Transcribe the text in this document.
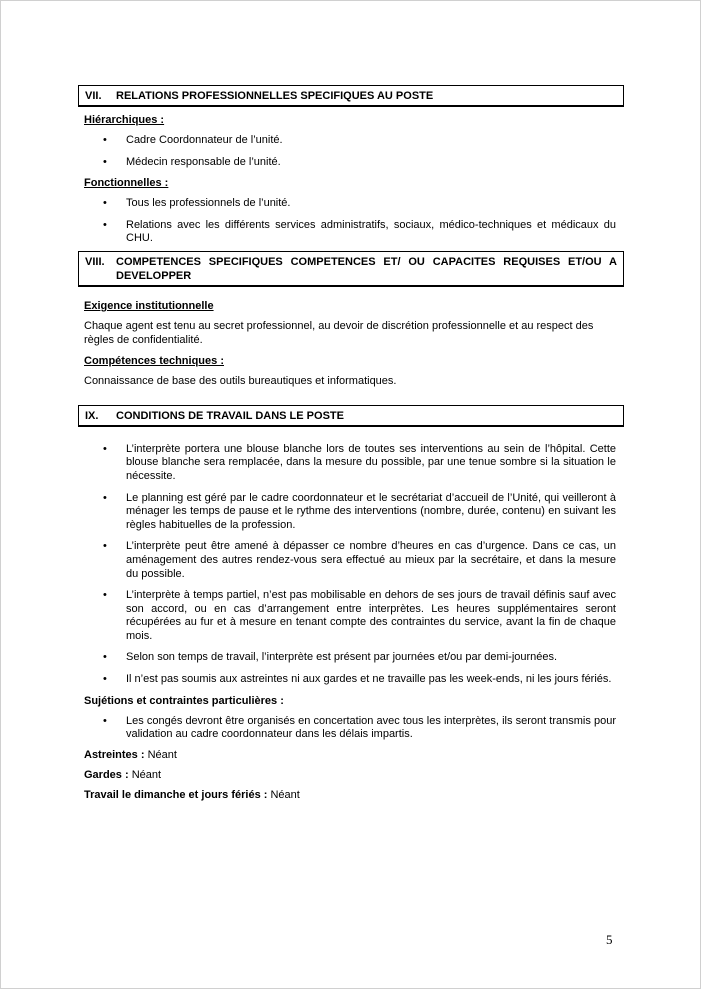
VII.	RELATIONS PROFESSIONNELLES SPECIFIQUES AU POSTE
Hiérarchiques :
• Cadre Coordonnateur de l’unité.
• Médecin responsable de l’unité.
Fonctionnelles :
• Tous les professionnels de l’unité.
• Relations avec les différents services administratifs, sociaux, médico-techniques et médicaux du CHU.
VIII.	COMPETENCES SPECIFIQUES COMPETENCES ET/ OU CAPACITES REQUISES ET/OU A DEVELOPPER
Exigence institutionnelle
Chaque agent est tenu au secret professionnel, au devoir de discrétion professionnelle et au respect des règles de confidentialité.
Compétences techniques :
Connaissance de base des outils bureautiques et informatiques.
IX.	CONDITIONS DE TRAVAIL DANS LE POSTE
• L’interprète portera une blouse blanche lors de toutes ses interventions au sein de l’hôpital. Cette blouse blanche sera remplacée, dans la mesure du possible, par une tenue sombre si la situation le nécessite.
• Le planning est géré par le cadre coordonnateur et le secrétariat d’accueil de l’Unité, qui veilleront à ménager les temps de pause et le rythme des interventions (nombre, durée, contenu) en suivant les règles habituelles de la profession.
• L’interprète peut être amené à dépasser ce nombre d’heures en cas d’urgence. Dans ce cas, un aménagement des autres rendez-vous sera effectué au mieux par la secrétaire, et dans la mesure du possible.
• L’interprète à temps partiel, n’est pas mobilisable en dehors de ses jours de travail définis sauf avec son accord, ou en cas d’arrangement entre interprètes. Les heures supplémentaires seront récupérées au fur et à mesure en tenant compte des contraintes du service, avant la fin de chaque mois.
• Selon son temps de travail, l’interprète est présent par journées et/ou par demi-journées.
• Il n’est pas soumis aux astreintes ni aux gardes et ne travaille pas les week-ends, ni les jours fériés.
Sujétions et contraintes particulières :
• Les congés devront être organisés en concertation avec tous les interprètes, ils seront transmis pour validation au cadre coordonnateur dans les délais impartis.
Astreintes : Néant
Gardes : Néant
Travail le dimanche et jours fériés : Néant
5
